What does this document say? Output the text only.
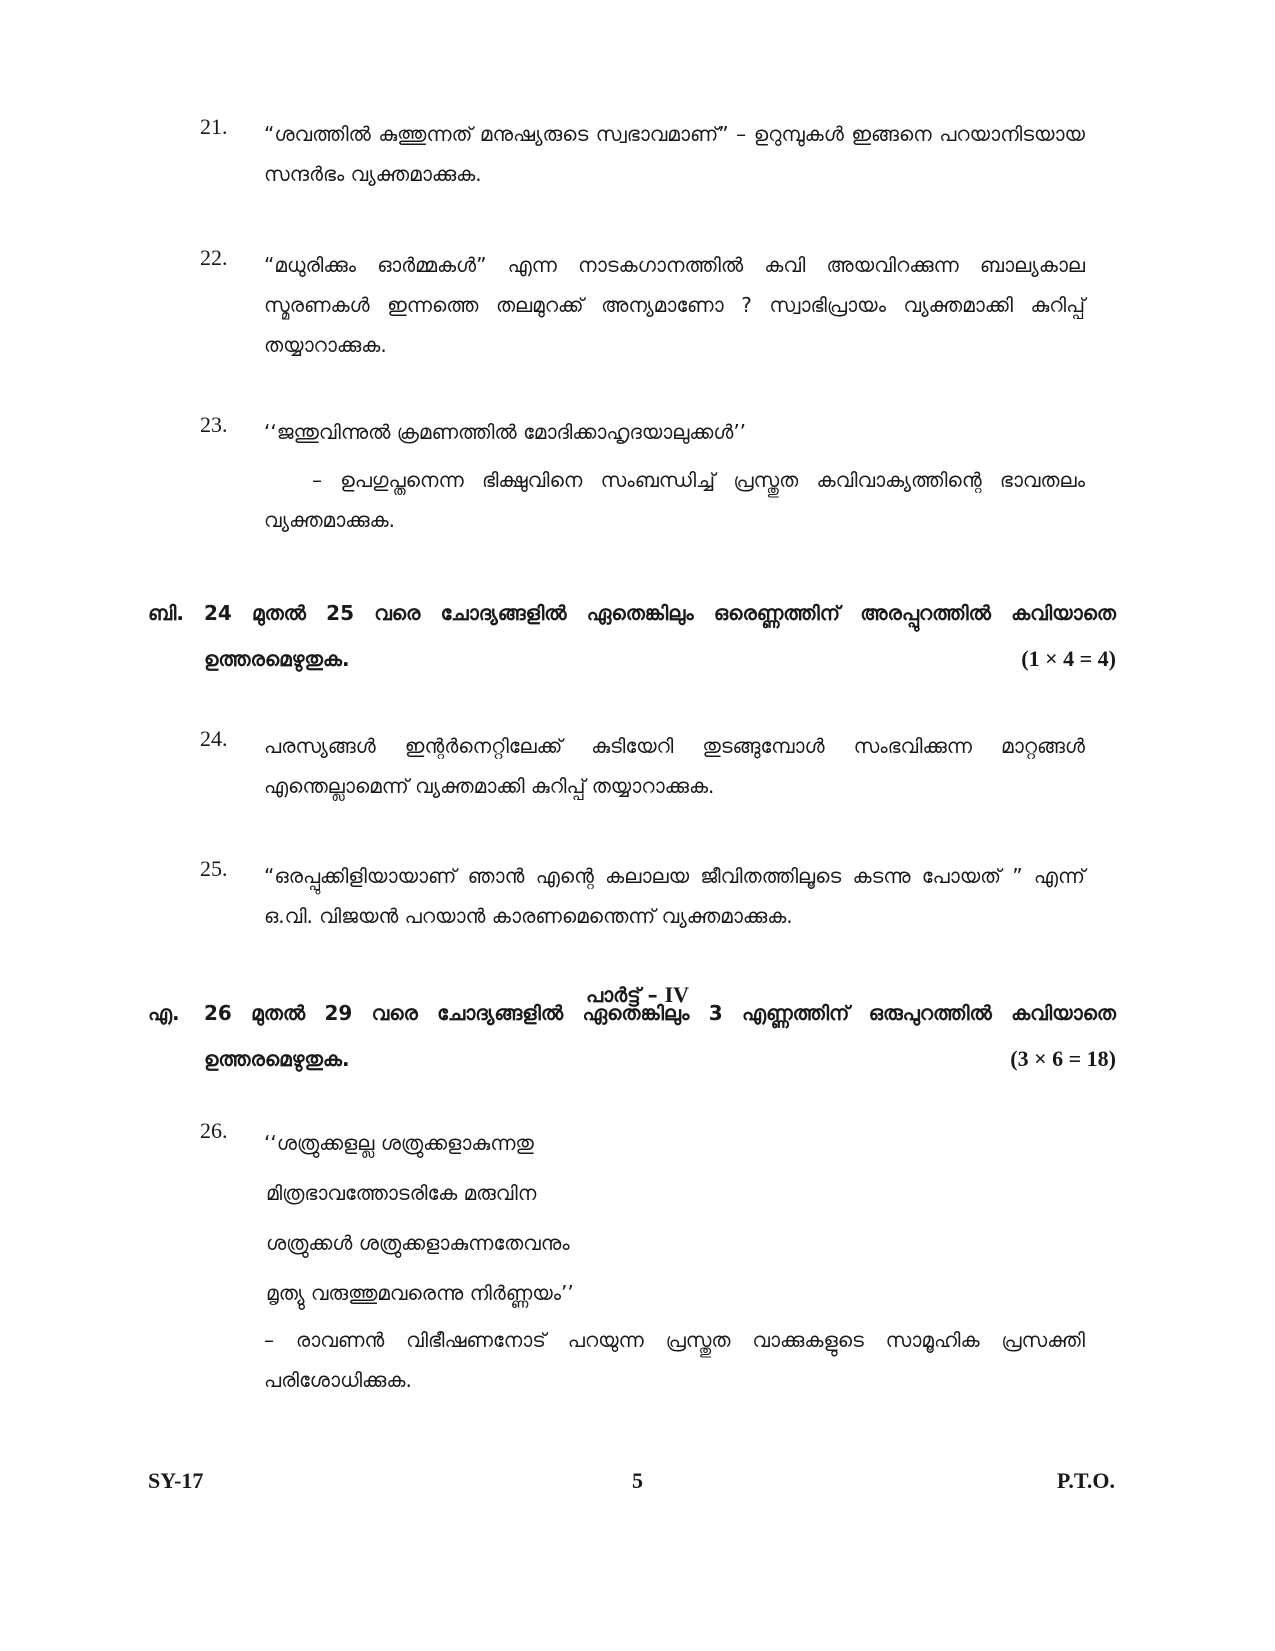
21.	“ശവത്തിൽ കുത്തുന്നത് മനുഷ്യരുടെ സ്വഭാവമാണ്” – ഉറുമ്പുകൾ ഇങ്ങനെ പറയാനിടയായ സന്ദർഭം വ്യക്തമാക്കുക.
22.	“മധുരിക്കും ഓർമ്മകൾ” എന്ന നാടകഗാനത്തിൽ കവി അയവിറക്കുന്ന ബാല്യകാല സ്മരണകൾ ഇന്നത്തെ തലമുറക്ക് അന്യമാണോ ? സ്വാഭിപ്രായം വ്യക്തമാക്കി കുറിപ്പ് തയ്യാറാക്കുക.
23.	‘‘ജന്തുവിന്നുൽ ക്രമണത്തിൽ മോദിക്കാഹൃദയാലുക്കൾ’’
– ഉപഗുപ്തനെന്ന ഭിക്ഷുവിനെ സംബന്ധിച്ച് പ്രസ്തുത കവിവാക്യത്തിന്റെ ഭാവതലം വ്യക്തമാക്കുക.
ബി. 24 മുതൽ 25 വരെ ചോദ്യങ്ങളിൽ ഏതെങ്കിലും ഒരെണ്ണത്തിന് അരപ്പുറത്തിൽ കവിയാതെ ഉത്തരമെഴുതുക.	(1 × 4 = 4)
24.	പരസ്യങ്ങൾ ഇന്റർനെറ്റിലേക്ക് കുടിയേറി തുടങ്ങുമ്പോൾ സംഭവിക്കുന്ന മാറ്റങ്ങൾ എന്തെല്ലാമെന്ന് വ്യക്തമാക്കി കുറിപ്പ് തയ്യാറാക്കുക.
25.	“ഒരപ്പുക്കിളിയായാണ് ഞാൻ എന്റെ കലാലയ ജീവിതത്തിലൂടെ കടന്നു പോയത് ” എന്ന് ഒ.വി. വിജയൻ പറയാൻ കാരണമെന്തെന്ന് വ്യക്തമാക്കുക.
പാർട്ട് – IV
എ. 26 മുതൽ 29 വരെ ചോദ്യങ്ങളിൽ ഏതെങ്കിലും 3 എണ്ണത്തിന് ഒരുപുറത്തിൽ കവിയാതെ ഉത്തരമെഴുതുക.	(3 × 6 = 18)
26.	‘‘ശത്രുക്കളല്ല ശത്രുക്കളാകുന്നതു
മിത്രഭാവത്തോടരികേ മരുവിന
ശത്രുക്കൾ ശത്രുക്കളാകുന്നതേവനും
മൃത്യു വരുത്തുമവരെന്നു നിർണ്ണയം’’
– രാവണൻ വിഭീഷണനോട് പറയുന്ന പ്രസ്തുത വാക്കുകളുടെ സാമൂഹിക പ്രസക്തി പരിശോധിക്കുക.
SY-17	5	P.T.O.
